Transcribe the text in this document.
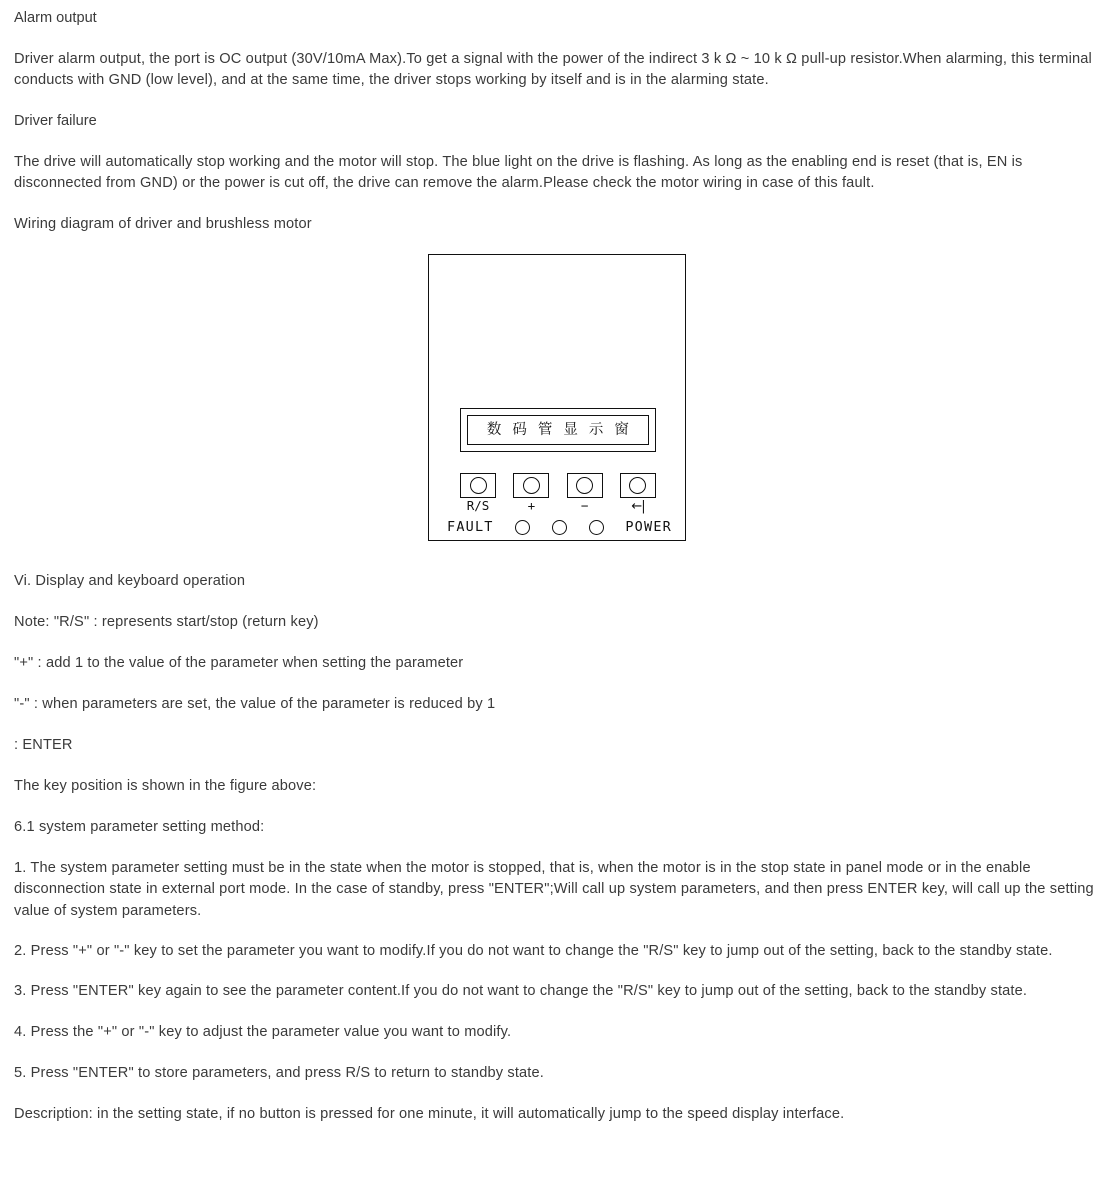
Alarm output
Driver alarm output, the port is OC output (30V/10mA Max).To get a signal with the power of the indirect 3 k Ω ~ 10 k Ω pull-up resistor.When alarming, this terminal conducts with GND (low level), and at the same time, the driver stops working by itself and is in the alarming state.
Driver failure
The drive will automatically stop working and the motor will stop. The blue light on the drive is flashing. As long as the enabling end is reset (that is, EN is disconnected from GND) or the power is cut off, the drive can remove the alarm.Please check the motor wiring in case of this fault.
Wiring diagram of driver and brushless motor
数 码 管 显 示 窗
R/S	+	−	←|
FAULT	POWER
Vi. Display and keyboard operation
Note: "R/S" : represents start/stop (return key)
"+" : add 1 to the value of the parameter when setting the parameter
"-" : when parameters are set, the value of the parameter is reduced by 1
: ENTER
The key position is shown in the figure above:
6.1 system parameter setting method:
1. The system parameter setting must be in the state when the motor is stopped, that is, when the motor is in the stop state in panel mode or in the enable disconnection state in external port mode. In the case of standby, press "ENTER";Will call up system parameters, and then press ENTER key, will call up the setting value of system parameters.
2. Press "+" or "-" key to set the parameter you want to modify.If you do not want to change the "R/S" key to jump out of the setting, back to the standby state.
3. Press "ENTER" key again to see the parameter content.If you do not want to change the "R/S" key to jump out of the setting, back to the standby state.
4. Press the "+" or "-" key to adjust the parameter value you want to modify.
5. Press "ENTER" to store parameters, and press R/S to return to standby state.
Description: in the setting state, if no button is pressed for one minute, it will automatically jump to the speed display interface.
